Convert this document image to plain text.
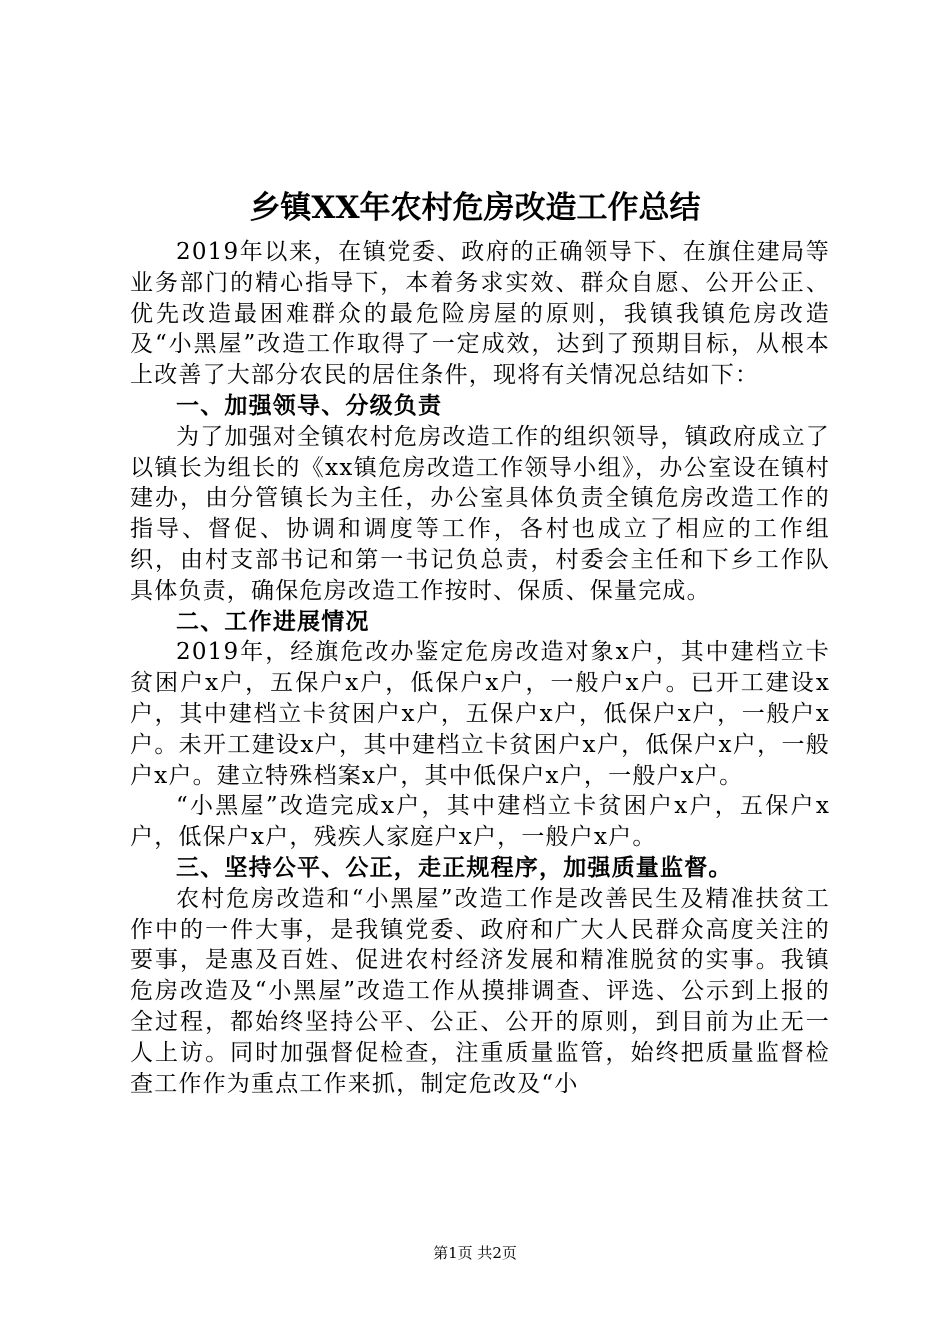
乡镇XX年农村危房改造工作总结

2019年以来，在镇党委、政府的正确领导下、在旗住建局等业务部门的精心指导下，本着务求实效、群众自愿、公开公正、优先改造最困难群众的最危险房屋的原则，我镇我镇危房改造及“小黑屋”改造工作取得了一定成效，达到了预期目标，从根本上改善了大部分农民的居住条件，现将有关情况总结如下：

一、加强领导、分级负责

为了加强对全镇农村危房改造工作的组织领导，镇政府成立了以镇长为组长的《xx镇危房改造工作领导小组》，办公室设在镇村建办，由分管镇长为主任，办公室具体负责全镇危房改造工作的指导、督促、协调和调度等工作，各村也成立了相应的工作组织，由村支部书记和第一书记负总责，村委会主任和下乡工作队具体负责，确保危房改造工作按时、保质、保量完成。

二、工作进展情况

2019年，经旗危改办鉴定危房改造对象x户，其中建档立卡贫困户x户，五保户x户，低保户x户，一般户x户。已开工建设x户，其中建档立卡贫困户x户，五保户x户，低保户x户，一般户x户。未开工建设x户，其中建档立卡贫困户x户，低保户x户，一般户x户。建立特殊档案x户，其中低保户x户，一般户x户。

“小黑屋”改造完成x户，其中建档立卡贫困户x户，五保户x户，低保户x户，残疾人家庭户x户，一般户x户。

三、坚持公平、公正，走正规程序，加强质量监督。

农村危房改造和“小黑屋”改造工作是改善民生及精准扶贫工作中的一件大事，是我镇党委、政府和广大人民群众高度关注的要事，是惠及百姓、促进农村经济发展和精准脱贫的实事。我镇危房改造及“小黑屋”改造工作从摸排调查、评选、公示到上报的全过程，都始终坚持公平、公正、公开的原则，到目前为止无一人上访。同时加强督促检查，注重质量监管，始终把质量监督检查工作作为重点工作来抓，制定危改及“小

第1页 共2页
